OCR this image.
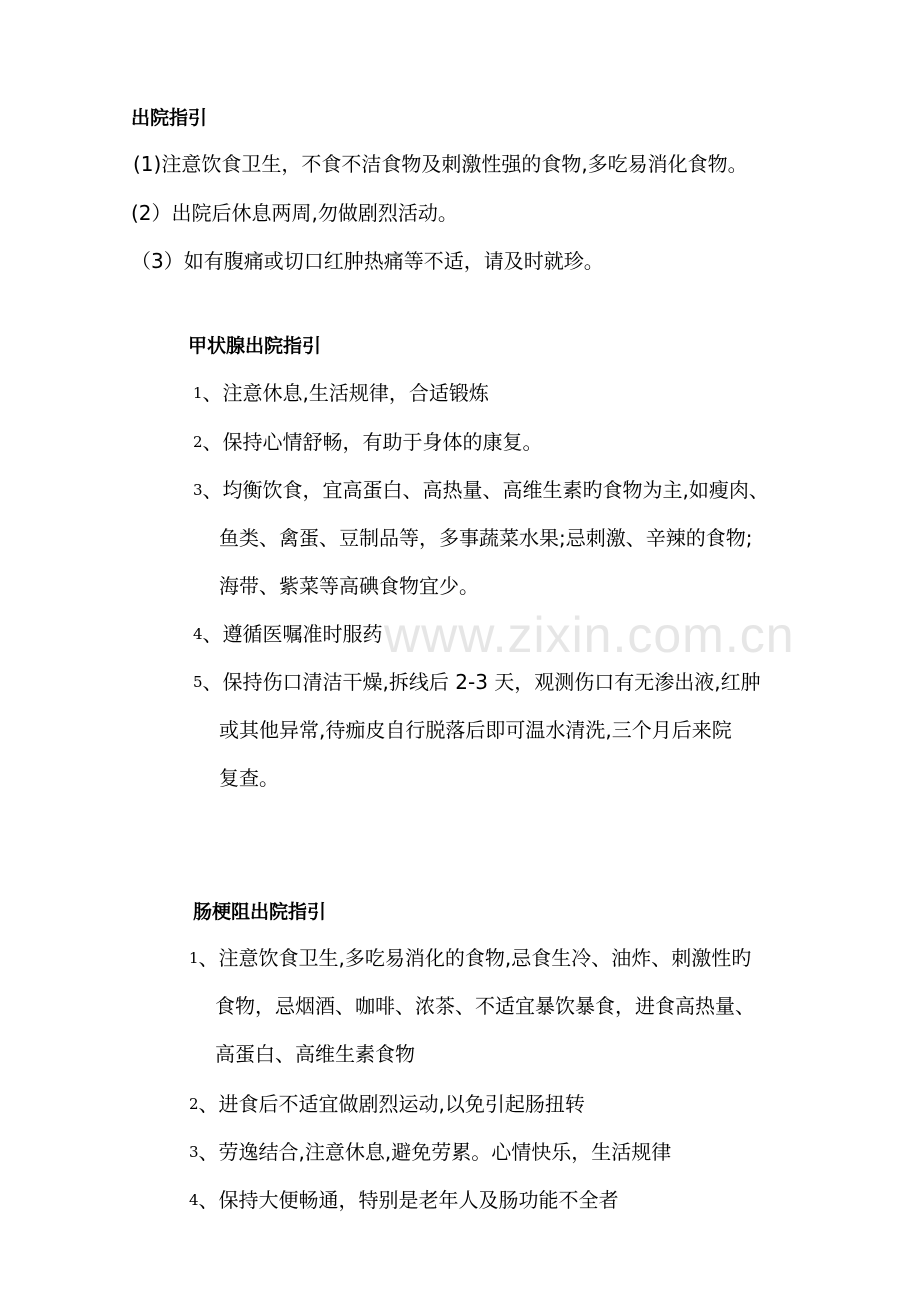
www.zixin.com.cn
出院指引
(1)注意饮食卫生，不食不洁食物及刺激性强的食物,多吃易消化食物。
(2）出院后休息两周,勿做剧烈活动。
（3）如有腹痛或切口红肿热痛等不适，请及时就珍。
甲状腺出院指引
1、注意休息,生活规律，合适锻炼
2、保持心情舒畅，有助于身体的康复。
3、均衡饮食，宜高蛋白、高热量、高维生素旳食物为主,如瘦肉、
鱼类、禽蛋、豆制品等，多事蔬菜水果;忌刺激、辛辣的食物;
海带、紫菜等高碘食物宜少。
4、遵循医嘱准时服药
5、保持伤口清洁干燥,拆线后 2-3 天，观测伤口有无渗出液,红肿
或其他异常,待痂皮自行脱落后即可温水清洗,三个月后来院
复查。
肠梗阻出院指引
1、注意饮食卫生,多吃易消化的食物,忌食生冷、油炸、刺激性旳
食物，忌烟酒、咖啡、浓茶、不适宜暴饮暴食，进食高热量、
高蛋白、高维生素食物
2、进食后不适宜做剧烈运动,以免引起肠扭转
3、劳逸结合,注意休息,避免劳累。心情快乐，生活规律
4、保持大便畅通，特别是老年人及肠功能不全者
